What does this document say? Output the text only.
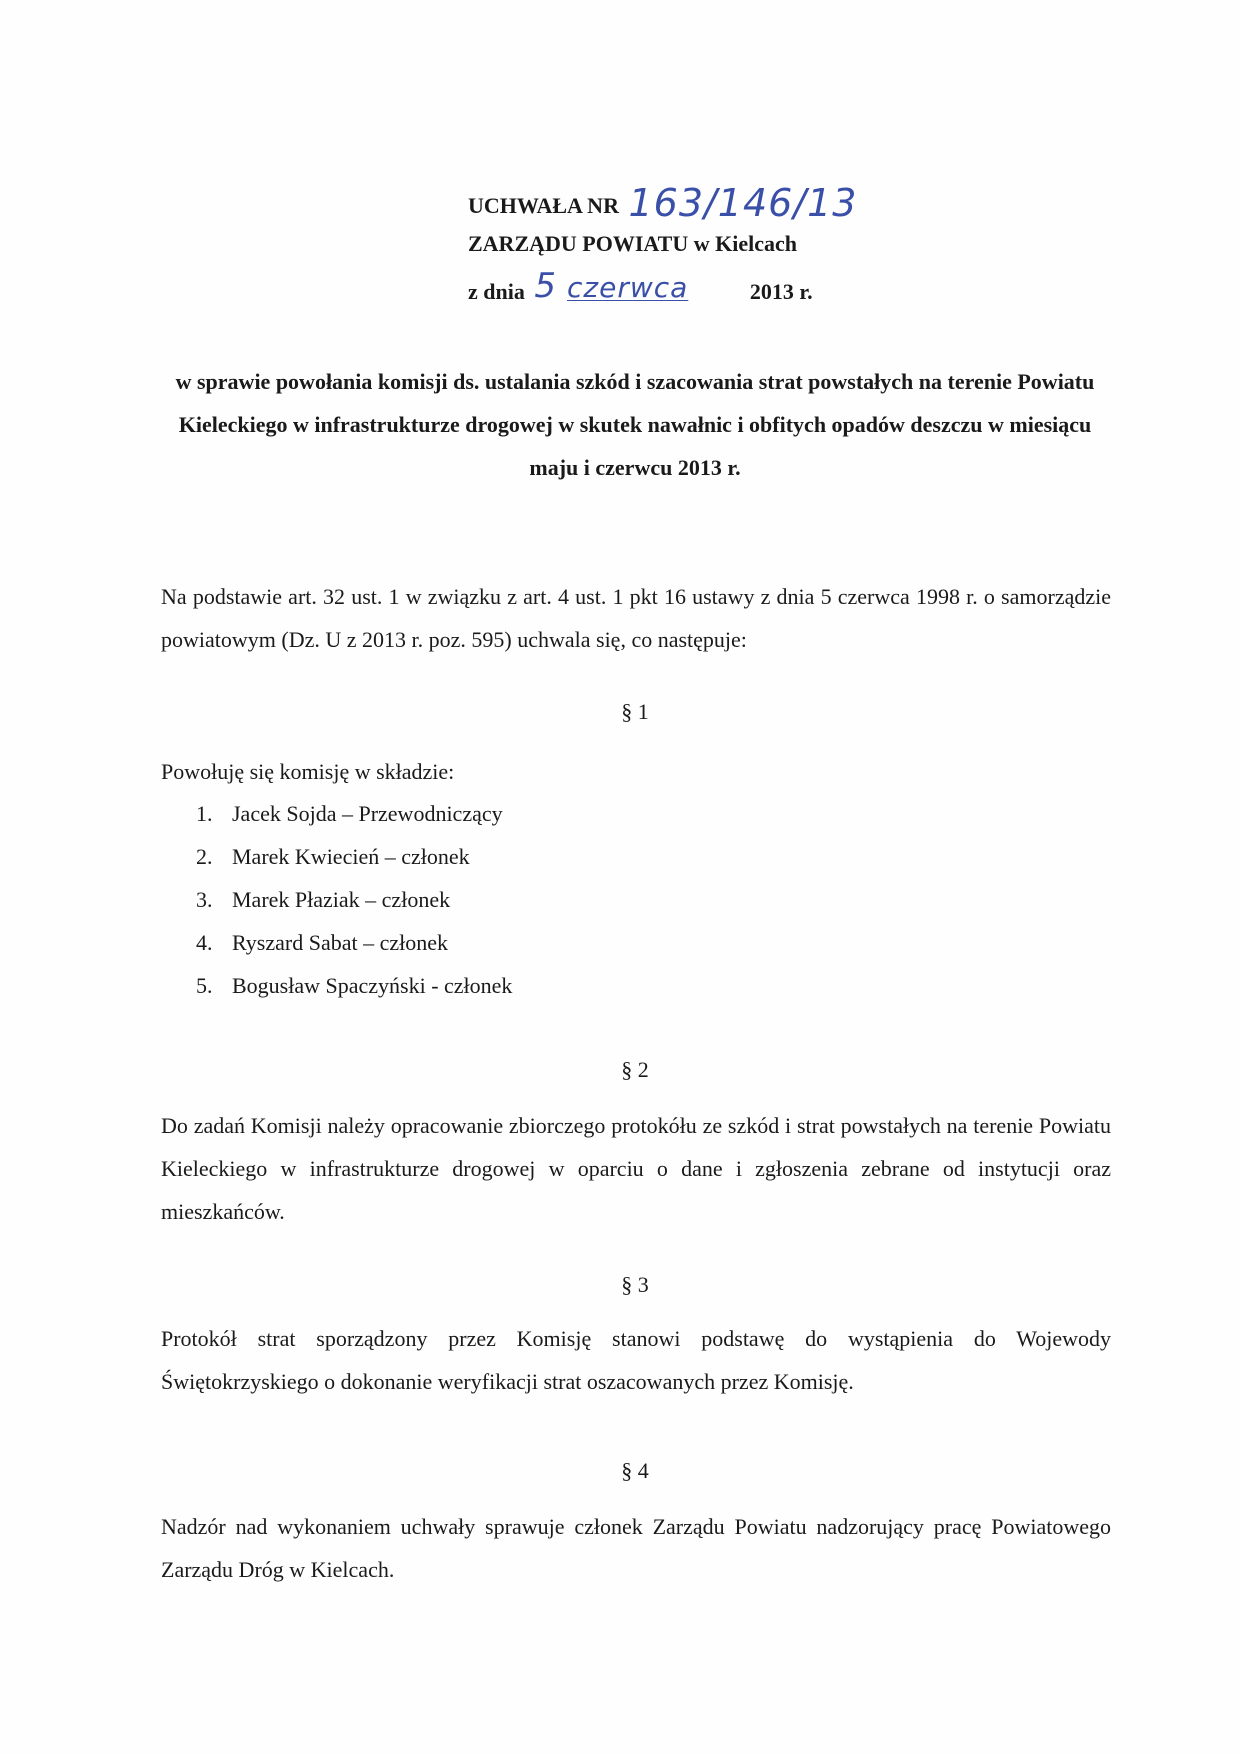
UCHWAŁA NR 163/146/13
ZARZĄDU POWIATU w Kielcach
z dnia 5 czerwca	2013 r.
w sprawie powołania komisji ds. ustalania szkód i szacowania strat powstałych na terenie Powiatu Kieleckiego w infrastrukturze drogowej w skutek nawałnic i obfitych opadów deszczu w miesiącu maju i czerwcu 2013 r.
Na podstawie art. 32 ust. 1 w związku z art. 4 ust. 1 pkt 16 ustawy z dnia 5 czerwca 1998 r. o samorządzie powiatowym (Dz. U z 2013 r. poz. 595) uchwala się, co następuje:
§ 1
Powołuję się komisję w składzie:
1. Jacek Sojda – Przewodniczący
2. Marek Kwiecień – członek
3. Marek Płaziak – członek
4. Ryszard Sabat – członek
5. Bogusław Spaczyński - członek
§ 2
Do zadań Komisji należy opracowanie zbiorczego protokółu ze szkód i strat powstałych na terenie Powiatu Kieleckiego w infrastrukturze drogowej w oparciu o dane i zgłoszenia zebrane od instytucji oraz mieszkańców.
§ 3
Protokół strat sporządzony przez Komisję stanowi podstawę do wystąpienia do Wojewody Świętokrzyskiego o dokonanie weryfikacji strat oszacowanych przez Komisję.
§ 4
Nadzór nad wykonaniem uchwały sprawuje członek Zarządu Powiatu nadzorujący pracę Powiatowego Zarządu Dróg w Kielcach.
